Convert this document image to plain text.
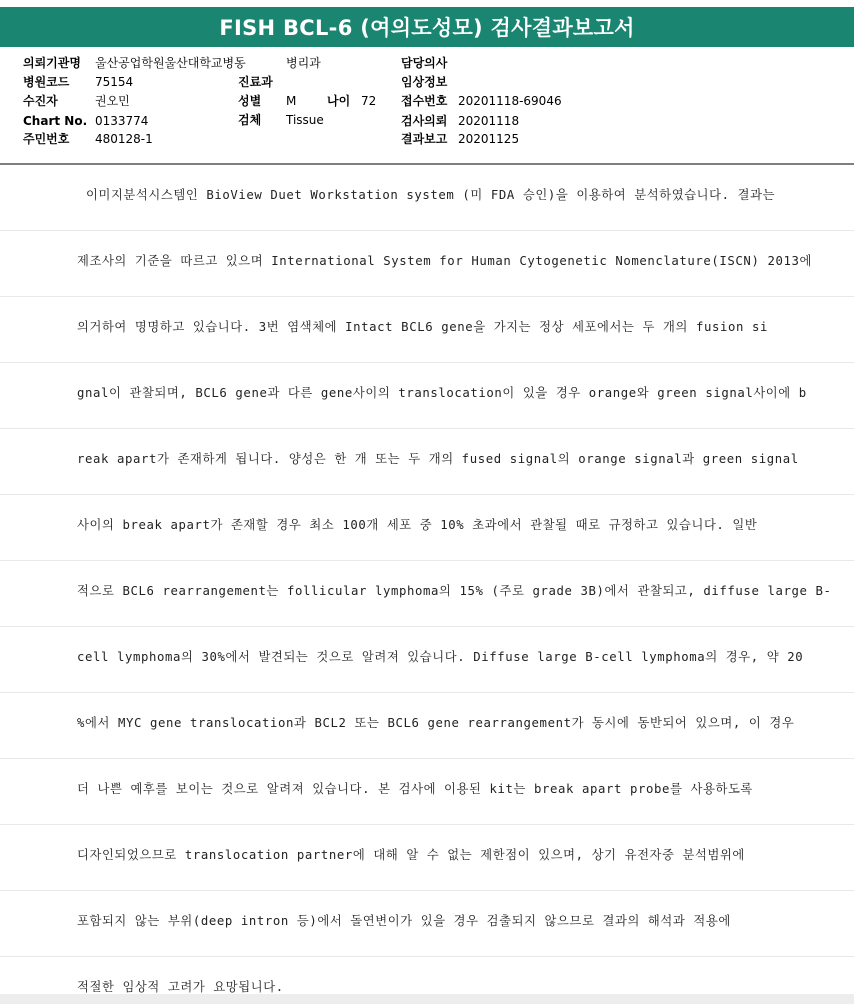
FISH BCL-6 (여의도성모) 검사결과보고서
의뢰기관명 울산공업학원울산대학교병동	병리과	담당의사
병원코드 75154	진료과	임상정보
수진자	권오민	성별 M	나이 72 접수번호 20201118-69046
Chart No. 0133774	검체 Tissue	검사의뢰 20201118
주민번호 480128-1	결과보고 20201125
이미지분석시스템인 BioView Duet Workstation system (미 FDA 승인)을 이용하여 분석하였습니다. 결과는
제조사의 기준을 따르고 있으며 International System for Human Cytogenetic Nomenclature(ISCN) 2013에
의거하여 명명하고 있습니다. 3번 염색체에 Intact BCL6 gene을 가지는 정상 세포에서는 두 개의 fusion si
gnal이 관찰되며, BCL6 gene과 다른 gene사이의 translocation이 있을 경우 orange와 green signal사이에 b
reak apart가 존재하게 됩니다. 양성은 한 개 또는 두 개의 fused signal의 orange signal과 green signal
사이의 break apart가 존재할 경우 최소 100개 세포 중 10% 초과에서 관찰될 때로 규정하고 있습니다. 일반
적으로 BCL6 rearrangement는 follicular lymphoma의 15% (주로 grade 3B)에서 관찰되고, diffuse large B-
cell lymphoma의 30%에서 발견되는 것으로 알려져 있습니다. Diffuse large B-cell lymphoma의 경우, 약 20
%에서 MYC gene translocation과 BCL2 또는 BCL6 gene rearrangement가 동시에 동반되어 있으며, 이 경우
더 나쁜 예후를 보이는 것으로 알려져 있습니다. 본 검사에 이용된 kit는 break apart probe를 사용하도록
디자인되었으므로 translocation partner에 대해 알 수 없는 제한점이 있으며, 상기 유전자중 분석범위에
포함되지 않는 부위(deep intron 등)에서 돌연변이가 있을 경우 검출되지 않으므로 결과의 해석과 적용에
적절한 임상적 고려가 요망됩니다.
